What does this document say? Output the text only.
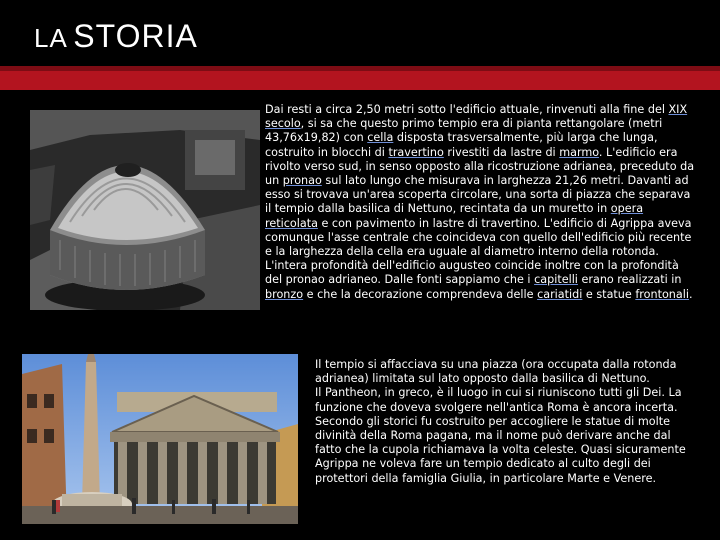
LA STORIA
Dai resti a circa 2,50 metri sotto l'edificio attuale, rinvenuti alla fine del XIX secolo, si sa che questo primo tempio era di pianta rettangolare (metri 43,76x19,82) con cella disposta trasversalmente, più larga che lunga, costruito in blocchi di travertino rivestiti da lastre di marmo. L'edificio era rivolto verso sud, in senso opposto alla ricostruzione adrianea, preceduto da un pronao sul lato lungo che misurava in larghezza 21,26 metri. Davanti ad esso si trovava un'area scoperta circolare, una sorta di piazza che separava il tempio dalla basilica di Nettuno, recintata da un muretto in opera reticolata e con pavimento in lastre di travertino. L'edificio di Agrippa aveva comunque l'asse centrale che coincideva con quello dell'edificio più recente e la larghezza della cella era uguale al diametro interno della rotonda. L'intera profondità dell'edificio augusteo coincide inoltre con la profondità del pronao adrianeo. Dalle fonti sappiamo che i capitelli erano realizzati in bronzo e che la decorazione comprendeva delle cariatidi e statue frontonali.
Il tempio si affacciava su una piazza (ora occupata dalla rotonda adrianea) limitata sul lato opposto dalla basilica di Nettuno.
Il Pantheon, in greco, è il luogo in cui si riuniscono tutti gli Dei. La funzione che doveva svolgere nell'antica Roma è ancora incerta. Secondo gli storici fu costruito per accogliere le statue di molte divinità della Roma pagana, ma il nome può derivare anche dal fatto che la cupola richiamava la volta celeste. Quasi sicuramente Agrippa ne voleva fare un tempio dedicato al culto degli dei protettori della famiglia Giulia, in particolare Marte e Venere.
